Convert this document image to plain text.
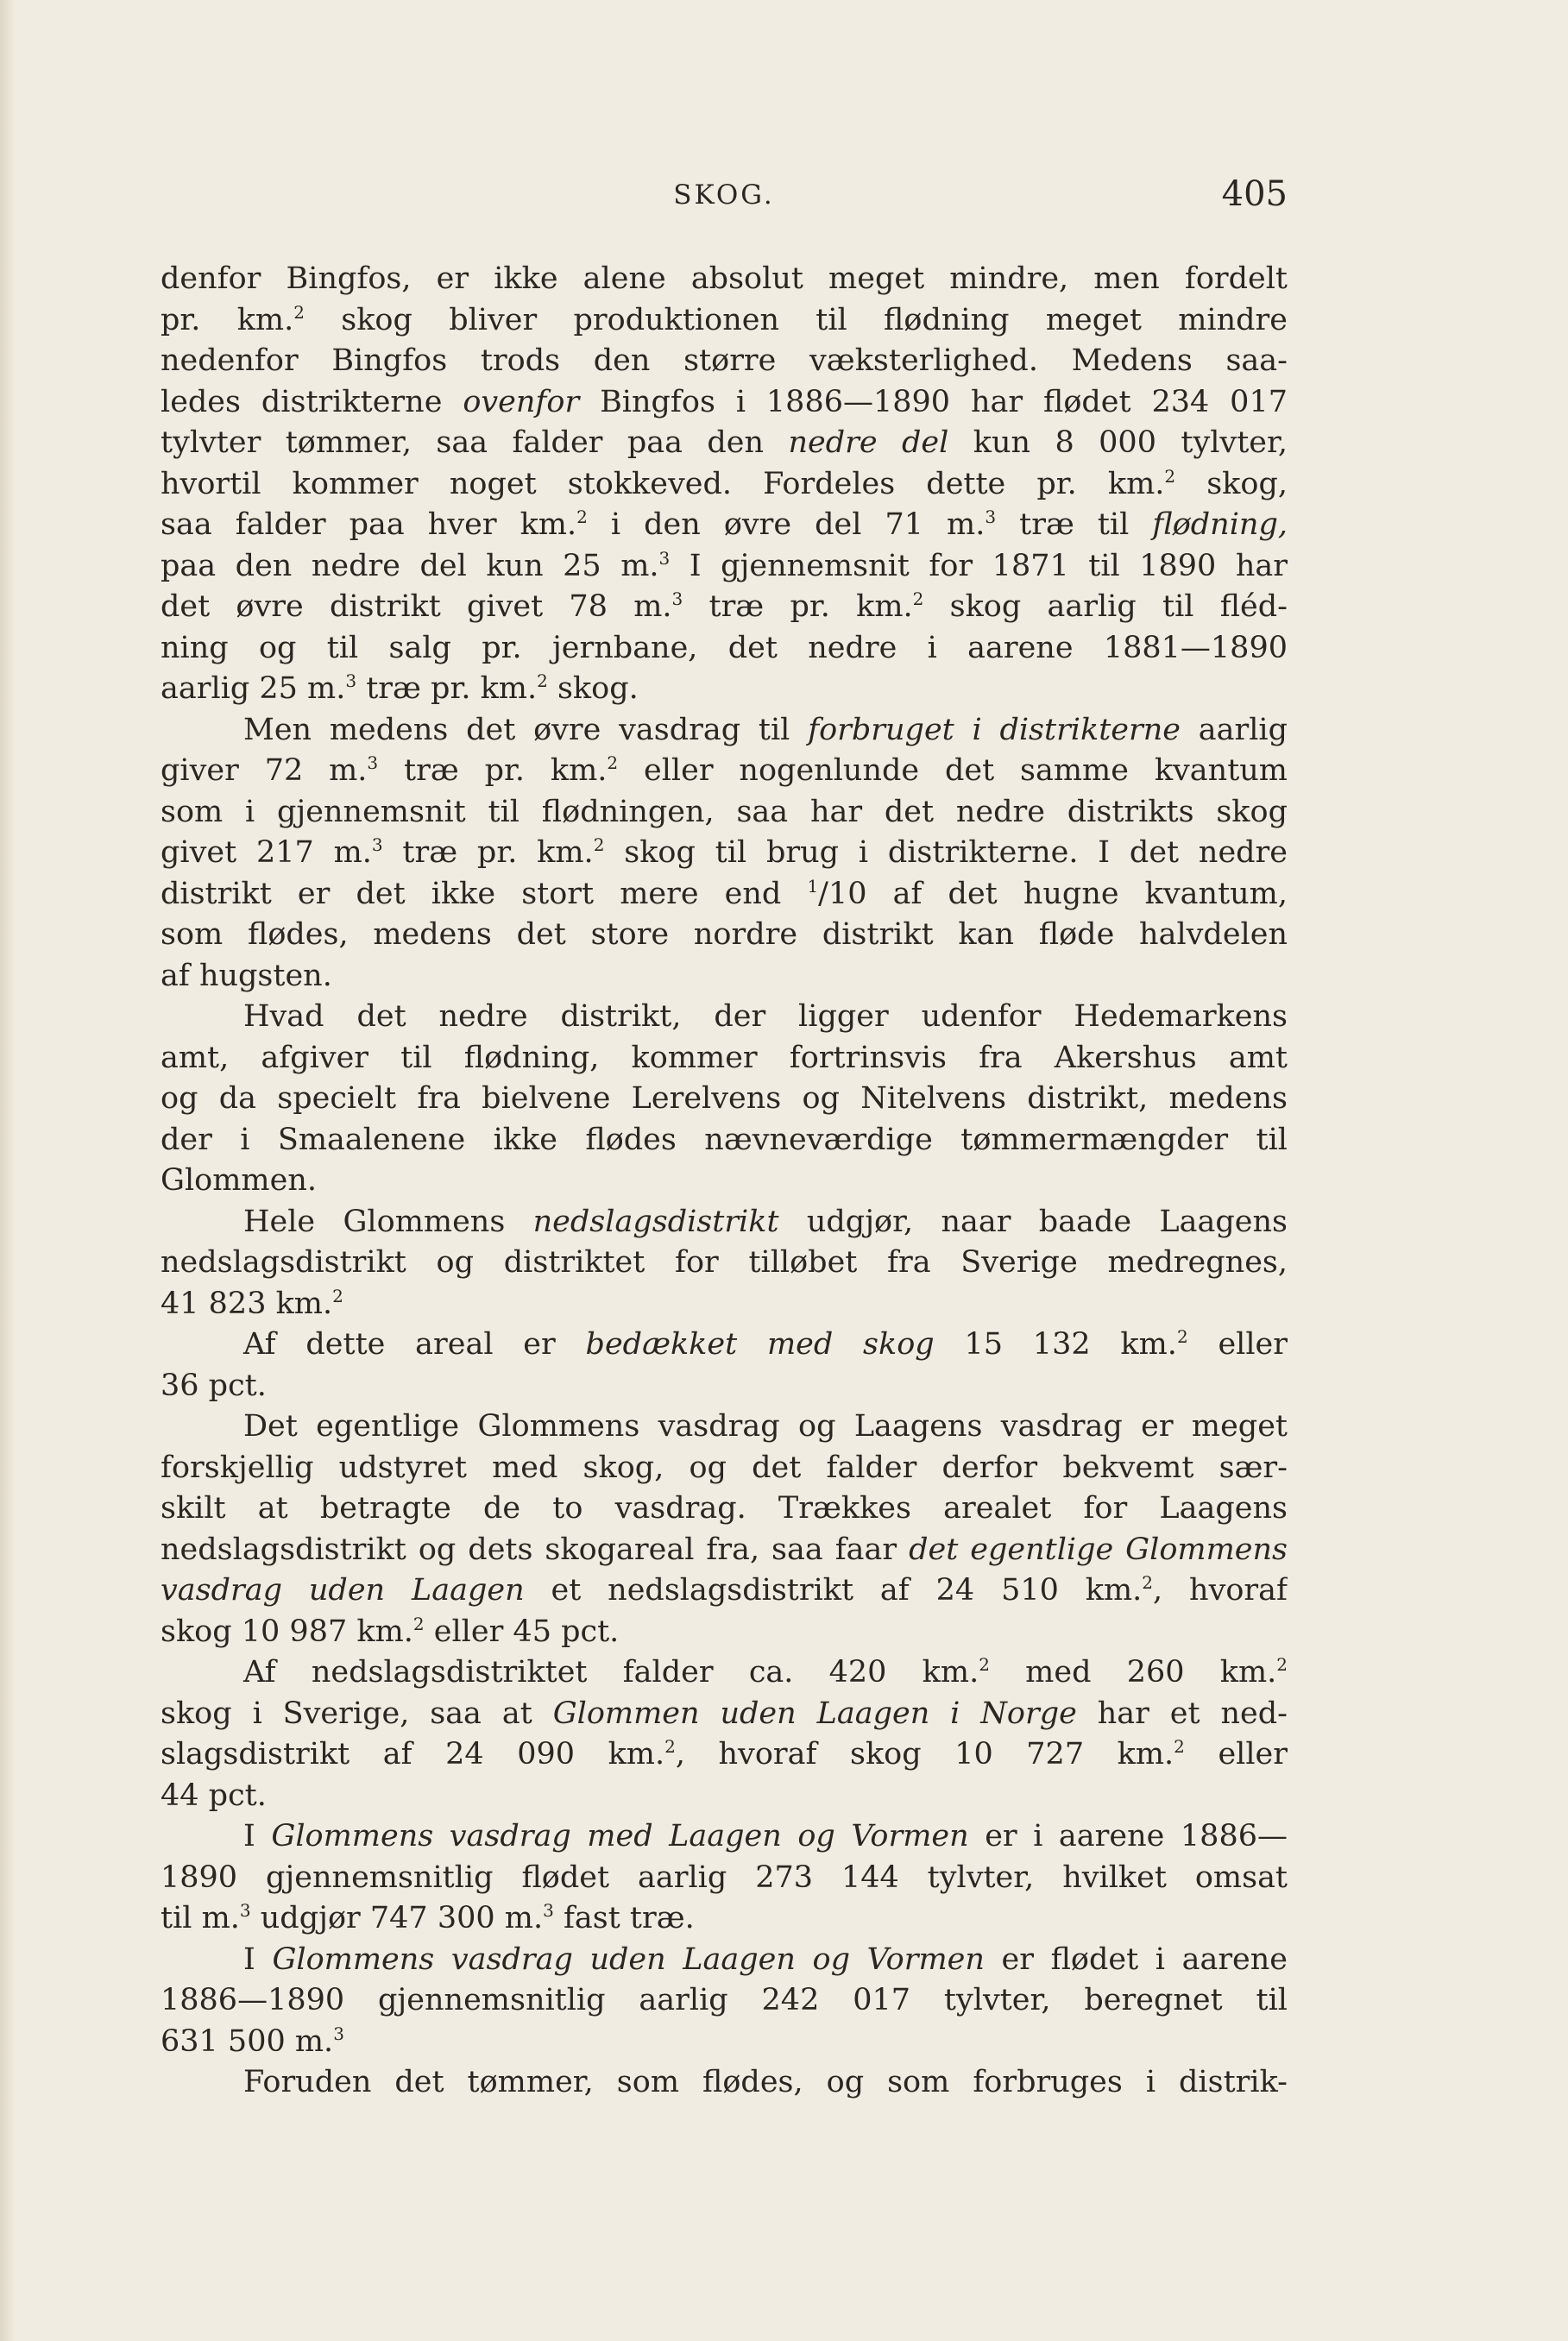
SKOG.	405
denfor Bingfos, er ikke alene absolut meget mindre, men fordelt
pr. km.$^2$ skog bliver produktionen til flødning meget mindre
nedenfor Bingfos trods den større væksterlighed. Medens saa-
ledes distrikterne ovenfor Bingfos i 1886—1890 har flødet 234 017
tylvter tømmer, saa falder paa den nedre del kun 8 000 tylvter,
hvortil kommer noget stokkeved. Fordeles dette pr. km.$^2$ skog,
saa falder paa hver km.$^2$ i den øvre del 71 m.$^3$ træ til flødning,
paa den nedre del kun 25 m.$^3$ I gjennemsnit for 1871 til 1890 har
det øvre distrikt givet 78 m.$^3$ træ pr. km.$^2$ skog aarlig til fléd-
ning og til salg pr. jernbane, det nedre i aarene 1881—1890
aarlig 25 m.$^3$ træ pr. km.$^2$ skog.
Men medens det øvre vasdrag til forbruget i distrikterne aarlig
giver 72 m.$^3$ træ pr. km.$^2$ eller nogenlunde det samme kvantum
som i gjennemsnit til flødningen, saa har det nedre distrikts skog
givet 217 m.$^3$ træ pr. km.$^2$ skog til brug i distrikterne. I det nedre
distrikt er det ikke stort mere end $^1$/10 af det hugne kvantum,
som flødes, medens det store nordre distrikt kan fløde halvdelen
af hugsten.
Hvad det nedre distrikt, der ligger udenfor Hedemarkens
amt, afgiver til flødning, kommer fortrinsvis fra Akershus amt
og da specielt fra bielvene Lerelvens og Nitelvens distrikt, medens
der i Smaalenene ikke flødes nævneværdige tømmermængder til
Glommen.
Hele Glommens nedslagsdistrikt udgjør, naar baade Laagens
nedslagsdistrikt og distriktet for tilløbet fra Sverige medregnes,
41 823 km.$^2$
Af dette areal er bedækket med skog 15 132 km.$^2$ eller
36 pct.
Det egentlige Glommens vasdrag og Laagens vasdrag er meget
forskjellig udstyret med skog, og det falder derfor bekvemt sær-
skilt at betragte de to vasdrag. Trækkes arealet for Laagens
nedslagsdistrikt og dets skogareal fra, saa faar det egentlige Glommens
vasdrag uden Laagen et nedslagsdistrikt af 24 510 km.$^2$, hvoraf
skog 10 987 km.$^2$ eller 45 pct.
Af nedslagsdistriktet falder ca. 420 km.$^2$ med 260 km.$^2$
skog i Sverige, saa at Glommen uden Laagen i Norge har et ned-
slagsdistrikt af 24 090 km.$^2$, hvoraf skog 10 727 km.$^2$ eller
44 pct.
I Glommens vasdrag med Laagen og Vormen er i aarene 1886—
1890 gjennemsnitlig flødet aarlig 273 144 tylvter, hvilket omsat
til m.$^3$ udgjør 747 300 m.$^3$ fast træ.
I Glommens vasdrag uden Laagen og Vormen er flødet i aarene
1886—1890 gjennemsnitlig aarlig 242 017 tylvter, beregnet til
631 500 m.$^3$
Foruden det tømmer, som flødes, og som forbruges i distrik-
